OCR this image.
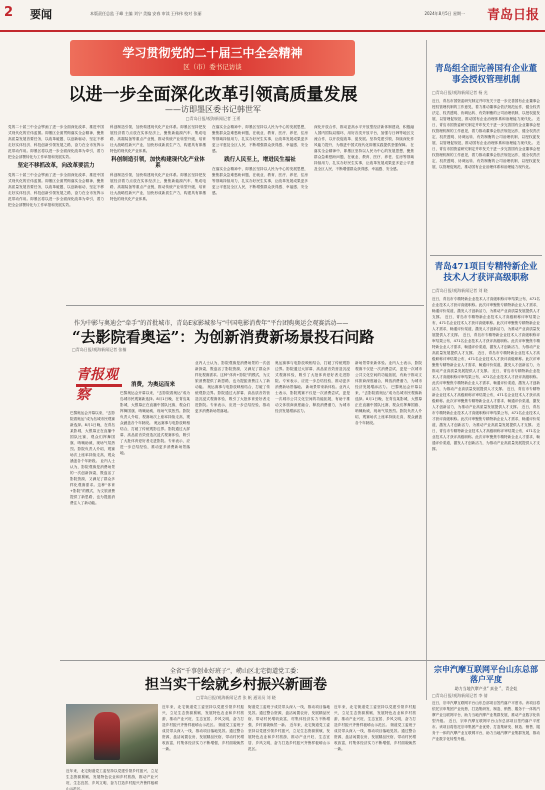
2 要闻	本版责任总监 于峰 主编 刘宁 美编 安春 审读 王伟伟 校对 张丽	2024年8月5日 星期一 青岛日报
学习贯彻党的二十届三中全会精神
区（市）委书记访谈
以进一步全面深化改革引领高质量发展
——访即墨区委书记韩世军
□青岛日报/观海新闻记者 王勇
党的二十届三中全会擘画了进一步全面深化改革、推进中国式现代化的宏伟蓝图。即墨区全面贯彻落实全会精神，聚焦高质量发展首要任务，以改革破题、以创新驱动，坚定不移走好实体经济、科技创新引领发展之路，奋力在全市发挥示范带动作用。即墨区将以进一步全面深化改革为牵引，着力把全会部署转化为工作举措和发展实效。
坚定不移抓改革，向改革要活力
党的二十届三中全会擘画了进一步全面深化改革、推进中国式现代化的宏伟蓝图。即墨区全面贯彻落实全会精神，聚焦高质量发展首要任务，以改革破题、以创新驱动，坚定不移走好实体经济、科技创新引领发展之路，奋力在全市发挥示范带动作用。即墨区将以进一步全面深化改革为牵引，着力把全会部署转化为工作举措和发展实效。
科创制造引领，加快构建现代化产业体系。即墨区坚持把发展经济着力点放在实体经济上，聚焦新能源汽车、集成电路、高端装备等重点产业链，推动传统产业转型升级，培育壮大战略性新兴产业，加快形成新质生产力，构建具有即墨特色的现代化产业体系。
科创制造引领，加快构建现代化产业体系
科创制造引领，加快构建现代化产业体系。即墨区坚持把发展经济着力点放在实体经济上，聚焦新能源汽车、集成电路、高端装备等重点产业链，推动传统产业转型升级，培育壮大战略性新兴产业，加快形成新质生产力，构建具有即墨特色的现代化产业体系。
在落实全会精神中，即墨区坚持以人民为中心的发展思想，聚焦群众急难愁盼问题，在就业、教育、医疗、养老、住房等领域持续用力，扎实办好民生实事，让改革发展成果更多更公平惠及全区人民，不断增强群众获得感、幸福感、安全感。
践行人民至上，增进民生福祉
在落实全会精神中，即墨区坚持以人民为中心的发展思想，聚焦群众急难愁盼问题，在就业、教育、医疗、养老、住房等领域持续用力，扎实办好民生实事，让改革发展成果更多更公平惠及全区人民，不断增强群众获得感、幸福感、安全感。
深化开放合作，推动更高水平开放型经济新体制建设，积极融入国内国际双循环，用好各类开放平台，加强与日韩等地区交流合作，以开放促改革、促发展。坚持党建引领，持续深化作风能力提升，为推进中国式现代化即墨实践提供坚强保障。 在落实全会精神中，即墨区坚持以人民为中心的发展思想，聚焦群众急难愁盼问题，在就业、教育、医疗、养老、住房等领域持续用力，扎实办好民生实事，让改革发展成果更多更公平惠及全区人民，不断增强群众获得感、幸福感、安全感。
青岛组全面完善国有企业董事会授权管理机制
□青岛日报/观海新闻记者 杨 光
近日，青岛市国资委研究制定并印发关于进一步完善国有企业董事会授权管理机制的工作意见，着力推动董事会依法规范运作，健全权责法定、权责透明、协调运转、有效制衡的公司治理机制，以授权促发展、以管理促规范，推动国有企业治理体系和治理能力现代化。 近日，青岛市国资委研究制定并印发关于进一步完善国有企业董事会授权管理机制的工作意见，着力推动董事会依法规范运作，健全权责法定、权责透明、协调运转、有效制衡的公司治理机制，以授权促发展、以管理促规范，推动国有企业治理体系和治理能力现代化。 近日，青岛市国资委研究制定并印发关于进一步完善国有企业董事会授权管理机制的工作意见，着力推动董事会依法规范运作，健全权责法定、权责透明、协调运转、有效制衡的公司治理机制，以授权促发展、以管理促规范，推动国有企业治理体系和治理能力现代化。
青岛471项目专精特新企业技术人才获评高级职称
□青岛日报/观海新闻记者 刘 晓
近日，青岛市专精特新企业技术人才高级职称评审结果公布，471名企业技术人才获评高级职称。此次评审聚焦专精特新企业人才需求，畅通评价渠道，激发人才创新活力，为推动产业高质量发展提供人才支撑。 近日，青岛市专精特新企业技术人才高级职称评审结果公布，471名企业技术人才获评高级职称。此次评审聚焦专精特新企业人才需求，畅通评价渠道，激发人才创新活力，为推动产业高质量发展提供人才支撑。 近日，青岛市专精特新企业技术人才高级职称评审结果公布，471名企业技术人才获评高级职称。此次评审聚焦专精特新企业人才需求，畅通评价渠道，激发人才创新活力，为推动产业高质量发展提供人才支撑。 近日，青岛市专精特新企业技术人才高级职称评审结果公布，471名企业技术人才获评高级职称。此次评审聚焦专精特新企业人才需求，畅通评价渠道，激发人才创新活力，为推动产业高质量发展提供人才支撑。 近日，青岛市专精特新企业技术人才高级职称评审结果公布，471名企业技术人才获评高级职称。此次评审聚焦专精特新企业人才需求，畅通评价渠道，激发人才创新活力，为推动产业高质量发展提供人才支撑。 近日，青岛市专精特新企业技术人才高级职称评审结果公布，471名企业技术人才获评高级职称。此次评审聚焦专精特新企业人才需求，畅通评价渠道，激发人才创新活力，为推动产业高质量发展提供人才支撑。 近日，青岛市专精特新企业技术人才高级职称评审结果公布，471名企业技术人才获评高级职称。此次评审聚焦专精特新企业人才需求，畅通评价渠道，激发人才创新活力，为推动产业高质量发展提供人才支撑。 近日，青岛市专精特新企业技术人才高级职称评审结果公布，471名企业技术人才获评高级职称。此次评审聚焦专精特新企业人才需求，畅通评价渠道，激发人才创新活力，为推动产业高质量发展提供人才支撑。
作为中影与奥迪会“牵手”的首批城市，青岛E家影城参与“中国电影消费年”平台团购奥运会观赛活动——
“去影院看奥运”：为创新消费新场景投石问路
□青岛日报/观海新闻记者 张楠
青报观察
巴黎奥运会开幕以来，“去影院看奥运”成为岛城市民观赛新选择。8月1日晚，在青岛某影城，大银幕正在直播中国队比赛，观众们挥舞国旗、呐喊助威，现场气氛热烈。影院负责人介绍，观赛场次上座率持续走高，观众涵盖各个年龄段。 业内人士认为，影院观赛是消费场景的一次创新探索，既盘活了影院资源，又满足了群众多样化观赛需求。这种“体育+影院”的模式，为文旅消费提供了新思路，也为提振消费注入了新动能。
消费，为奥运而来
巴黎奥运会开幕以来，“去影院看奥运”成为岛城市民观赛新选择。8月1日晚，在青岛某影城，大银幕正在直播中国队比赛，观众们挥舞国旗、呐喊助威，现场气氛热烈。影院负责人介绍，观赛场次上座率持续走高，观众涵盖各个年龄段。 奥运赛事与电影放映相结合，打破了传统观影边界。影院通过大屏幕、高品质音效营造沉浸式观赛体验，吸引了大批体育爱好者走进影院。专家表示，应进一步总结经验，推动更多消费新场景落地。
业内人士认为，影院观赛是消费场景的一次创新探索，既盘活了影院资源，又满足了群众多样化观赛需求。这种“体育+影院”的模式，为文旅消费提供了新思路，也为提振消费注入了新动能。 奥运赛事与电影放映相结合，打破了传统观影边界。影院通过大屏幕、高品质音效营造沉浸式观赛体验，吸引了大批体育爱好者走进影院。专家表示，应进一步总结经验，推动更多消费新场景落地。
奥运赛事与电影放映相结合，打破了传统观影边界。影院通过大屏幕、高品质音效营造沉浸式观赛体验，吸引了大批体育爱好者走进影院。专家表示，应进一步总结经验，推动更多消费新场景落地。 新场景带来新体验。业内人士表示，影院观赛不仅是一次消费尝试，更是一次城市公共文化空间的功能拓展，有助于推动文体旅商深度融合，释放消费潜力，为城市经济发展增添活力。
新场景带来新体验。业内人士表示，影院观赛不仅是一次消费尝试，更是一次城市公共文化空间的功能拓展，有助于推动文体旅商深度融合，释放消费潜力，为城市经济发展增添活力。 巴黎奥运会开幕以来，“去影院看奥运”成为岛城市民观赛新选择。8月1日晚，在青岛某影城，大银幕正在直播中国队比赛，观众们挥舞国旗、呐喊助威，现场气氛热烈。影院负责人介绍，观赛场次上座率持续走高，观众涵盖各个年龄段。
全省“千事创业好班子”，崂山区北宅街道党工委：
担当实干绘就乡村振兴新画卷
□青岛日报/观海新闻记者 张 帆 通讯员 刘 晓
近年来，北宅街道党工委坚持以党建引领乡村振兴，立足生态资源禀赋，发展特色农业和乡村旅游，推动产业兴旺、生态宜居、乡风文明，奋力打造乡村振兴齐鲁样板崂山示范区。
近年来，北宅街道党工委坚持以党建引领乡村振兴，立足生态资源禀赋，发展特色农业和乡村旅游，推动产业兴旺、生态宜居、乡风文明，奋力打造乡村振兴齐鲁样板崂山示范区。 街道党工委班子成员带头深入一线，推动项目落地见效。通过整合资源、盘活闲置农房，发展精品民宿，带动村民增收致富，村集体经济实力不断增强，乡村面貌焕然一新。
街道党工委班子成员带头深入一线，推动项目落地见效。通过整合资源、盘活闲置农房，发展精品民宿，带动村民增收致富，村集体经济实力不断增强，乡村面貌焕然一新。 近年来，北宅街道党工委坚持以党建引领乡村振兴，立足生态资源禀赋，发展特色农业和乡村旅游，推动产业兴旺、生态宜居、乡风文明，奋力打造乡村振兴齐鲁样板崂山示范区。
近年来，北宅街道党工委坚持以党建引领乡村振兴，立足生态资源禀赋，发展特色农业和乡村旅游，推动产业兴旺、生态宜居、乡风文明，奋力打造乡村振兴齐鲁样板崂山示范区。 街道党工委班子成员带头深入一线，推动项目落地见效。通过整合资源、盘活闲置农房，发展精品民宿，带动村民增收致富，村集体经济实力不断增强，乡村面貌焕然一新。
宗申汽摩互联网平台山东总部落户平度
助力当地汽摩产业“ 真金 ”，青企娃
□青岛日报/观海新闻记者 李 倩
近日，宗申汽摩互联网平台山东总部项目签约落户平度市。该项目将依托宗申集团产业优势，打造集研发、制造、销售、服务于一体的汽摩产业互联网平台，助力当地汽摩产业集群发展，推动产业数字化转型升级。 近日，宗申汽摩互联网平台山东总部项目签约落户平度市。该项目将依托宗申集团产业优势，打造集研发、制造、销售、服务于一体的汽摩产业互联网平台，助力当地汽摩产业集群发展，推动产业数字化转型升级。
